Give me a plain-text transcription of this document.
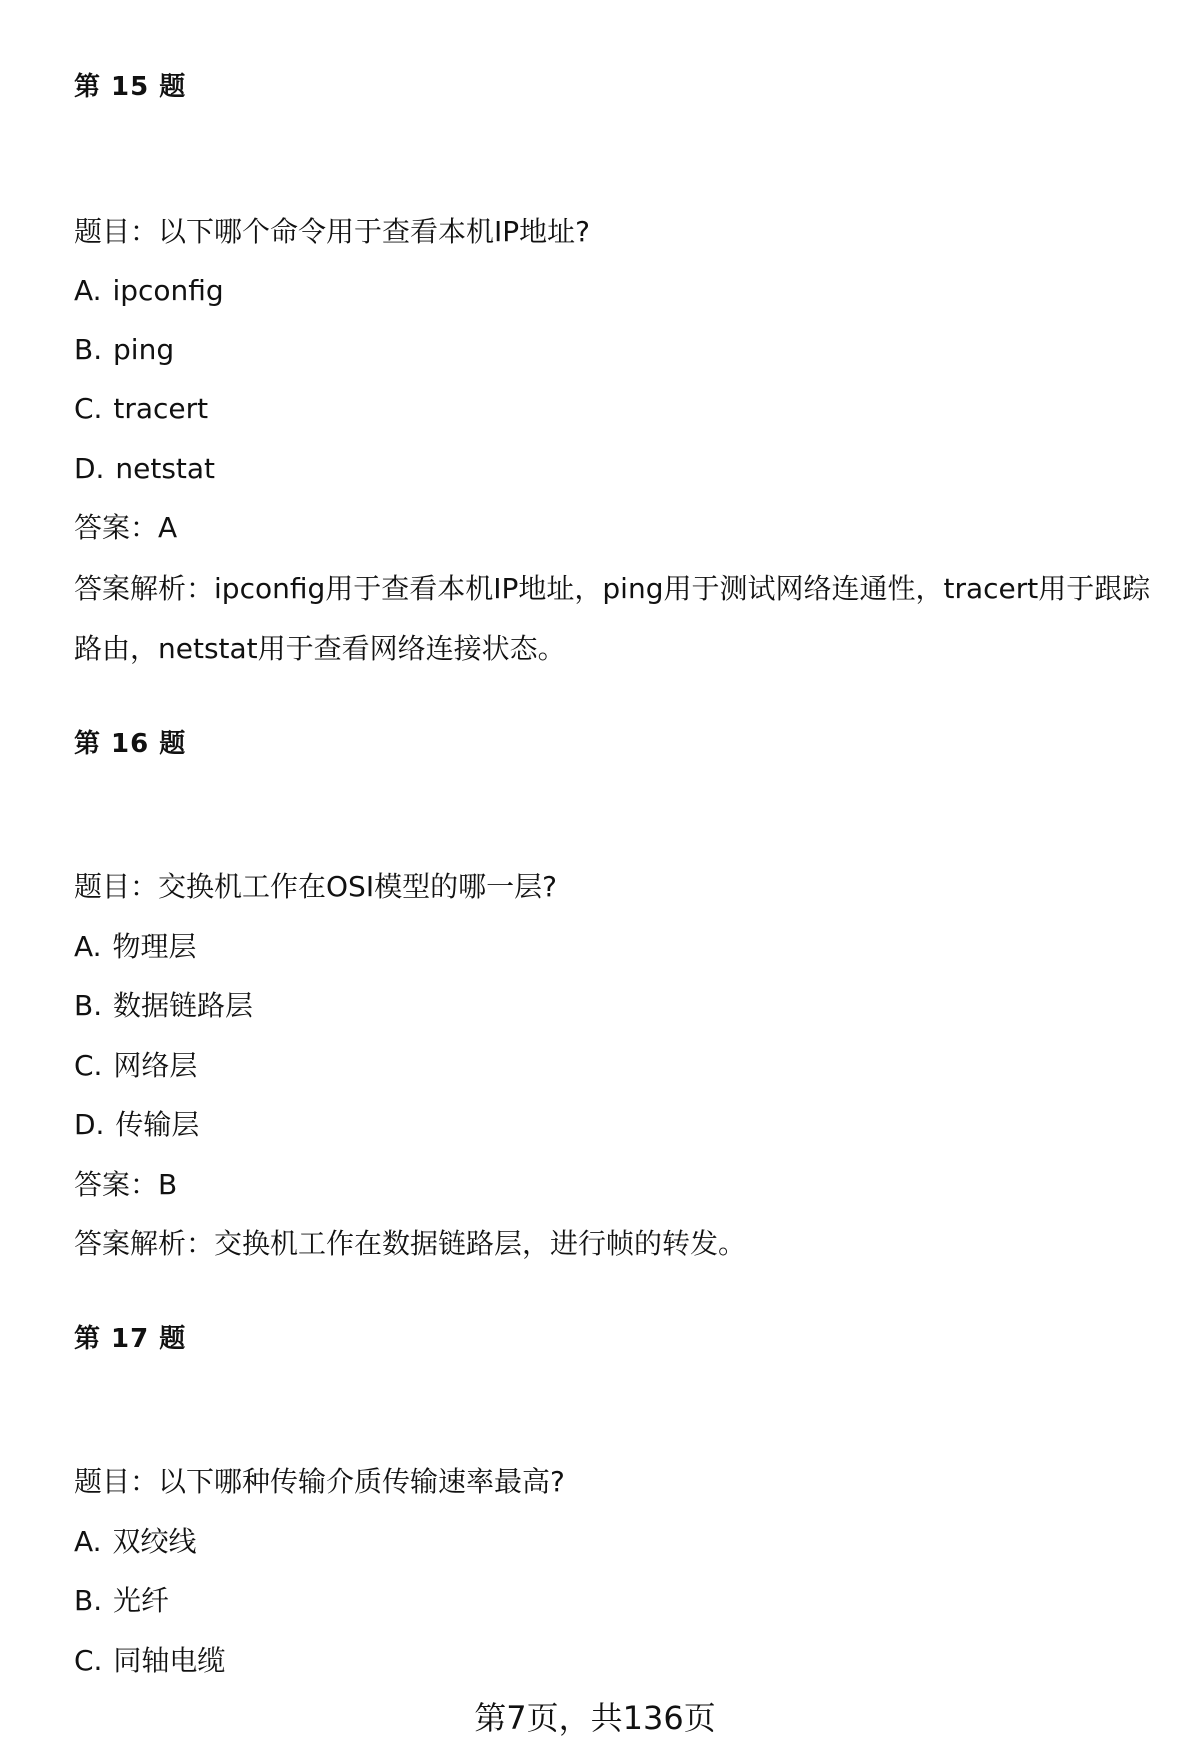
第 15 题
题目：以下哪个命令用于查看本机IP地址?
A. ipconfig
B. ping
C. tracert
D. netstat
答案：A
答案解析：ipconfig用于查看本机IP地址，ping用于测试网络连通性，tracert用于跟踪路由，netstat用于查看网络连接状态。
第 16 题
题目：交换机工作在OSI模型的哪一层?
A. 物理层
B. 数据链路层
C. 网络层
D. 传输层
答案：B
答案解析：交换机工作在数据链路层，进行帧的转发。
第 17 题
题目：以下哪种传输介质传输速率最高?
A. 双绞线
B. 光纤
C. 同轴电缆
第7页，共136页
